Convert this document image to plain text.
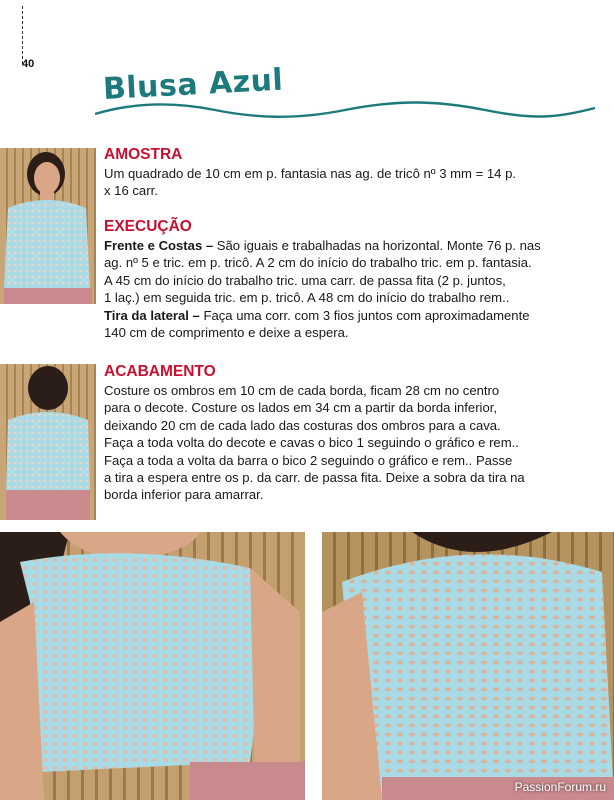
40 Blusa Azul
AMOSTRA

Um quadrado de 10 cm em p. fantasia nas ag. de tricô nº 3 mm = 14 p.
x 16 carr.

EXECUÇÃO

Frente e Costas – São iguais e trabalhadas na horizontal. Monte 76 p. nas
ag. nº 5 e tric. em p. tricô. A 2 cm do início do trabalho tric. em p. fantasia.
A 45 cm do início do trabalho tric. uma carr. de passa fita (2 p. juntos,
1 laç.) em seguida tric. em p. tricô. A 48 cm do início do trabalho rem..
Tira da lateral – Faça uma corr. com 3 fios juntos com aproximadamente
140 cm de comprimento e deixe a espera.

ACABAMENTO

Costure os ombros em 10 cm de cada borda, ficam 28 cm no centro
para o decote. Costure os lados em 34 cm a partir da borda inferior,
deixando 20 cm de cada lado das costuras dos ombros para a cava.
Faça a toda volta do decote e cavas o bico 1 seguindo o gráfico e rem..
Faça a toda a volta da barra o bico 2 seguindo o gráfico e rem.. Passe
a tira a espera entre os p. da carr. de passa fita. Deixe a sobra da tira na
borda inferior para amarrar.

PassionForum.ru
